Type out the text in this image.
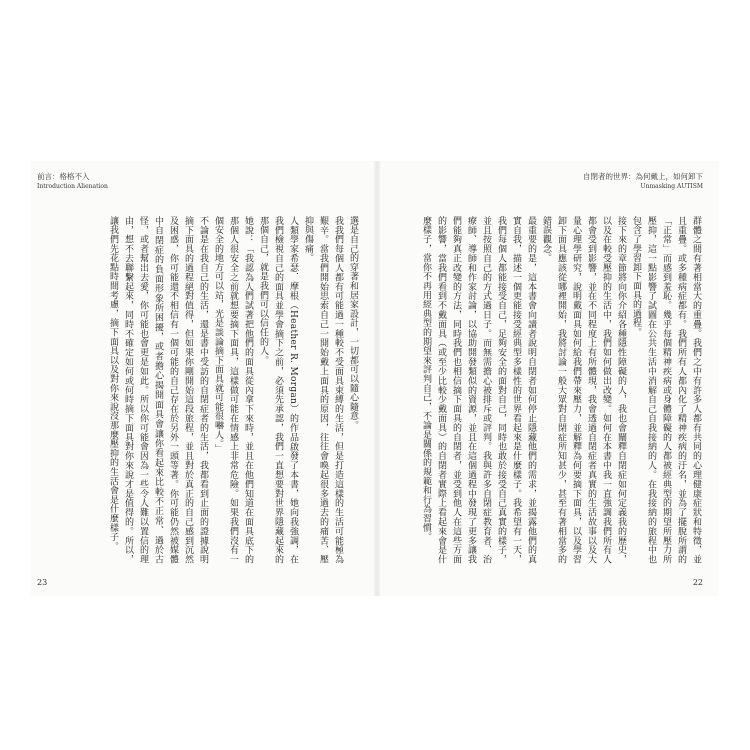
前言：格格不入
Introduction Alienation
自閉者的世界：為何戴上，如何卸下
Unmasking AUTISM
選是自己的穿著和居家設計，一切都可以隨心隨意。
我我們每個人都有可能過一種較不受面具束縛的生活，但是打造這樣的生活可能極為艱辛。當我們開始思索自己一開始戴上面具的原因，往往會喚起很多過去的痛苦、壓抑與傷痛。
人類學家希瑟．摩根（Heather R. Morgan）的作品啟發了本書，她向我強調，在我們檢視自己的面具並學會摘下之前，必須先承認，我們一直想要對世界隱藏起來的那個自己，就是我們可以信任的人。
她說：「我認為人們試著把他們的面具從內拿下來時，並且在他們知道在面具底下的那個人很安全之前就想要摘下面具，這樣做可能在情感上非常危險。如果我們沒有一個安全的地方可以站，光是談論摘下面具就可能很嚇人。」
不論是在我自己的生活，還是書中受訪的自閉症者的生活，我都看到止面的證據說明摘下面具的過程絕對值得，但如果你剛開始這段旅程，並且對於真正的自己感到沉然及困惑，你可能還不相信有一個可能的自己存在於另外一頭等著。你可能仍然被媒體中自閉症的負面形象所困擾，或者擔心揭開面具會讓你看起來比較不正常、過於古怪，或者幫出去愛，你可能也會更是如此。所以你可能會因為一些令人難以置信的理由，想不去聯繫起來，同時不確定如何或何時摘下面具對你來說才是值得的。所以，讓我們先花點時間考慮，摘下面具以及對你來說沒那麼壓抑的生活會是什麼樣子。	群體之間有著相當大的重疊。我們之中有許多人都有共同的心理健康症狀和特徵，並且重疊。或多種病症都有。我們所有人都內化了精神疾病的汙名，並為了擺脫所謂的「正常」而感到羞恥。幾乎每個精神疾病或身體障礙的人都被經典型的期望所壓力所壓抑，這一點影響了試圖在公共生活中消解自己自我接納的人。在我接納的旅程中也包含了學習卸下面具的過程。
接下來的章節將向你介紹各種隱性障礙的人，我也會闡釋自閉症如何定義我的歷史，以及在較受壓抑的生活中，我們如何做出改變。如何在本書中我一直強調我們所有人都會受到影響，並在不同程度上有所體現，我會透過自閉症者真實的生活故事以及大量心理學研究，說明戴面具如何給我們帶來壓力，並解釋為何要摘下面具，以及學習卸下面具應該從哪裡開始，我將討論一般大眾對自閉症所知甚少，甚至有著相當多的錯誤觀念。
最重要的是，這本書會向讀者說明自閉者如何停止隱藏他們的需求，並揭露他們的真實自我，描述一個更能接受經典型多樣性的世界看起來是什麼樣子。我希望有一天，我們每個人都能接受自己，足夠安全的面對自己，同時也敢於接受自己真實的樣子，並且按照自己的方式過日子。而無需擔心被排斥或評判。我與許多自閉症教育者、治療師、導師和作家討論，以協助開發類似的資源，並且在這個過程中發現了更多讓我們能夠真正改變的方法，同時我們也相信摘下面具的自閉者，並受到他人在這些方面的影響，當我們看到不戴面具（或至少比較少戴面具）的自閉者實際上看起來會是什麼樣子，當你不再用經典型的期望來評判自己，不論是關係的規範和行為習慣。
23	22
